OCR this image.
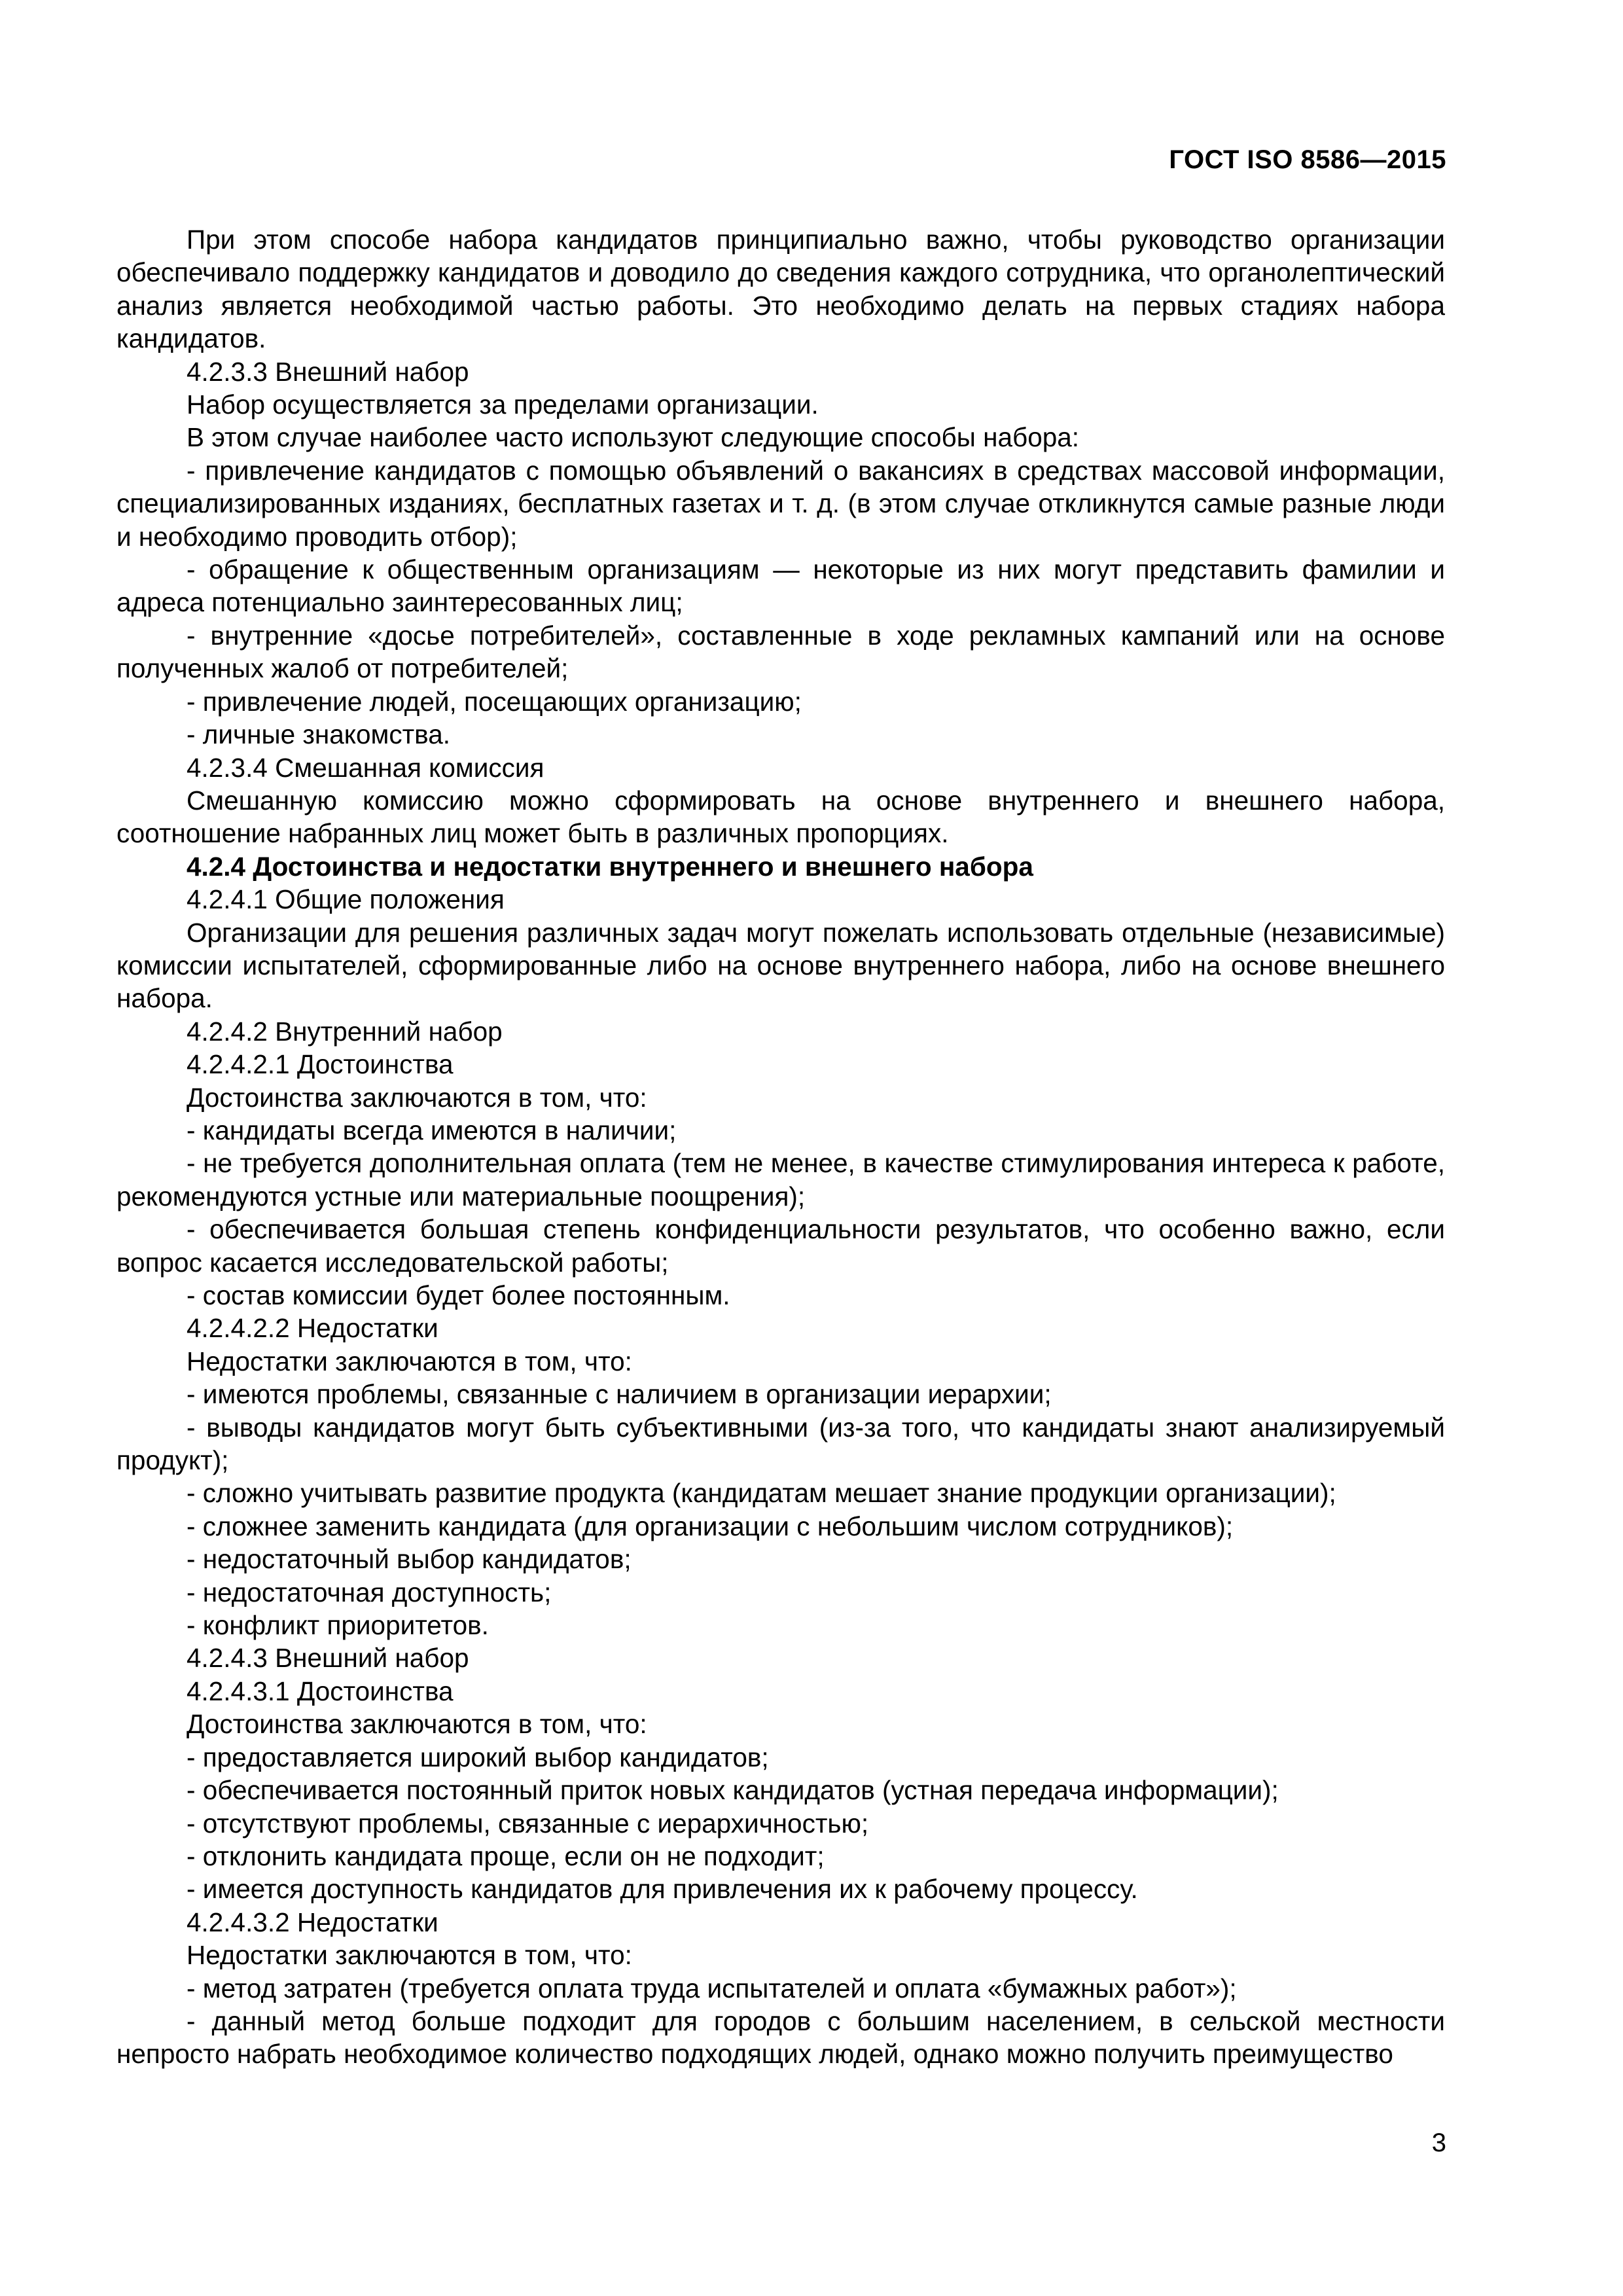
ГОСТ ISO 8586—2015

При этом способе набора кандидатов принципиально важно, чтобы руководство организации обеспечивало поддержку кандидатов и доводило до сведения каждого сотрудника, что органолептический анализ является необходимой частью работы. Это необходимо делать на первых стадиях набора кандидатов.

4.2.3.3 Внешний набор

Набор осуществляется за пределами организации.

В этом случае наиболее часто используют следующие способы набора:

- привлечение кандидатов с помощью объявлений о вакансиях в средствах массовой информации, специализированных изданиях, бесплатных газетах и т. д. (в этом случае откликнутся самые разные люди и необходимо проводить отбор);

- обращение к общественным организациям — некоторые из них могут представить фамилии и адреса потенциально заинтересованных лиц;

- внутренние «досье потребителей», составленные в ходе рекламных кампаний или на основе полученных жалоб от потребителей;

- привлечение людей, посещающих организацию;

- личные знакомства.

4.2.3.4 Смешанная комиссия

Смешанную комиссию можно сформировать на основе внутреннего и внешнего набора, соотношение набранных лиц может быть в различных пропорциях.

4.2.4 Достоинства и недостатки внутреннего и внешнего набора

4.2.4.1 Общие положения

Организации для решения различных задач могут пожелать использовать отдельные (независимые) комиссии испытателей, сформированные либо на основе внутреннего набора, либо на основе внешнего набора.

4.2.4.2 Внутренний набор

4.2.4.2.1 Достоинства

Достоинства заключаются в том, что:

- кандидаты всегда имеются в наличии;

- не требуется дополнительная оплата (тем не менее, в качестве стимулирования интереса к работе, рекомендуются устные или материальные поощрения);

- обеспечивается большая степень конфиденциальности результатов, что особенно важно, если вопрос касается исследовательской работы;

- состав комиссии будет более постоянным.

4.2.4.2.2 Недостатки

Недостатки заключаются в том, что:

- имеются проблемы, связанные с наличием в организации иерархии;

- выводы кандидатов могут быть субъективными (из-за того, что кандидаты знают анализируемый продукт);

- сложно учитывать развитие продукта (кандидатам мешает знание продукции организации);

- сложнее заменить кандидата (для организации с небольшим числом сотрудников);

- недостаточный выбор кандидатов;

- недостаточная доступность;

- конфликт приоритетов.

4.2.4.3 Внешний набор

4.2.4.3.1 Достоинства

Достоинства заключаются в том, что:

- предоставляется широкий выбор кандидатов;

- обеспечивается постоянный приток новых кандидатов (устная передача информации);

- отсутствуют проблемы, связанные с иерархичностью;

- отклонить кандидата проще, если он не подходит;

- имеется доступность кандидатов для привлечения их к рабочему процессу.

4.2.4.3.2 Недостатки

Недостатки заключаются в том, что:

- метод затратен (требуется оплата труда испытателей и оплата «бумажных работ»);

- данный метод больше подходит для городов с большим населением, в сельской местности непросто набрать необходимое количество подходящих людей, однако можно получить преимущество

3
